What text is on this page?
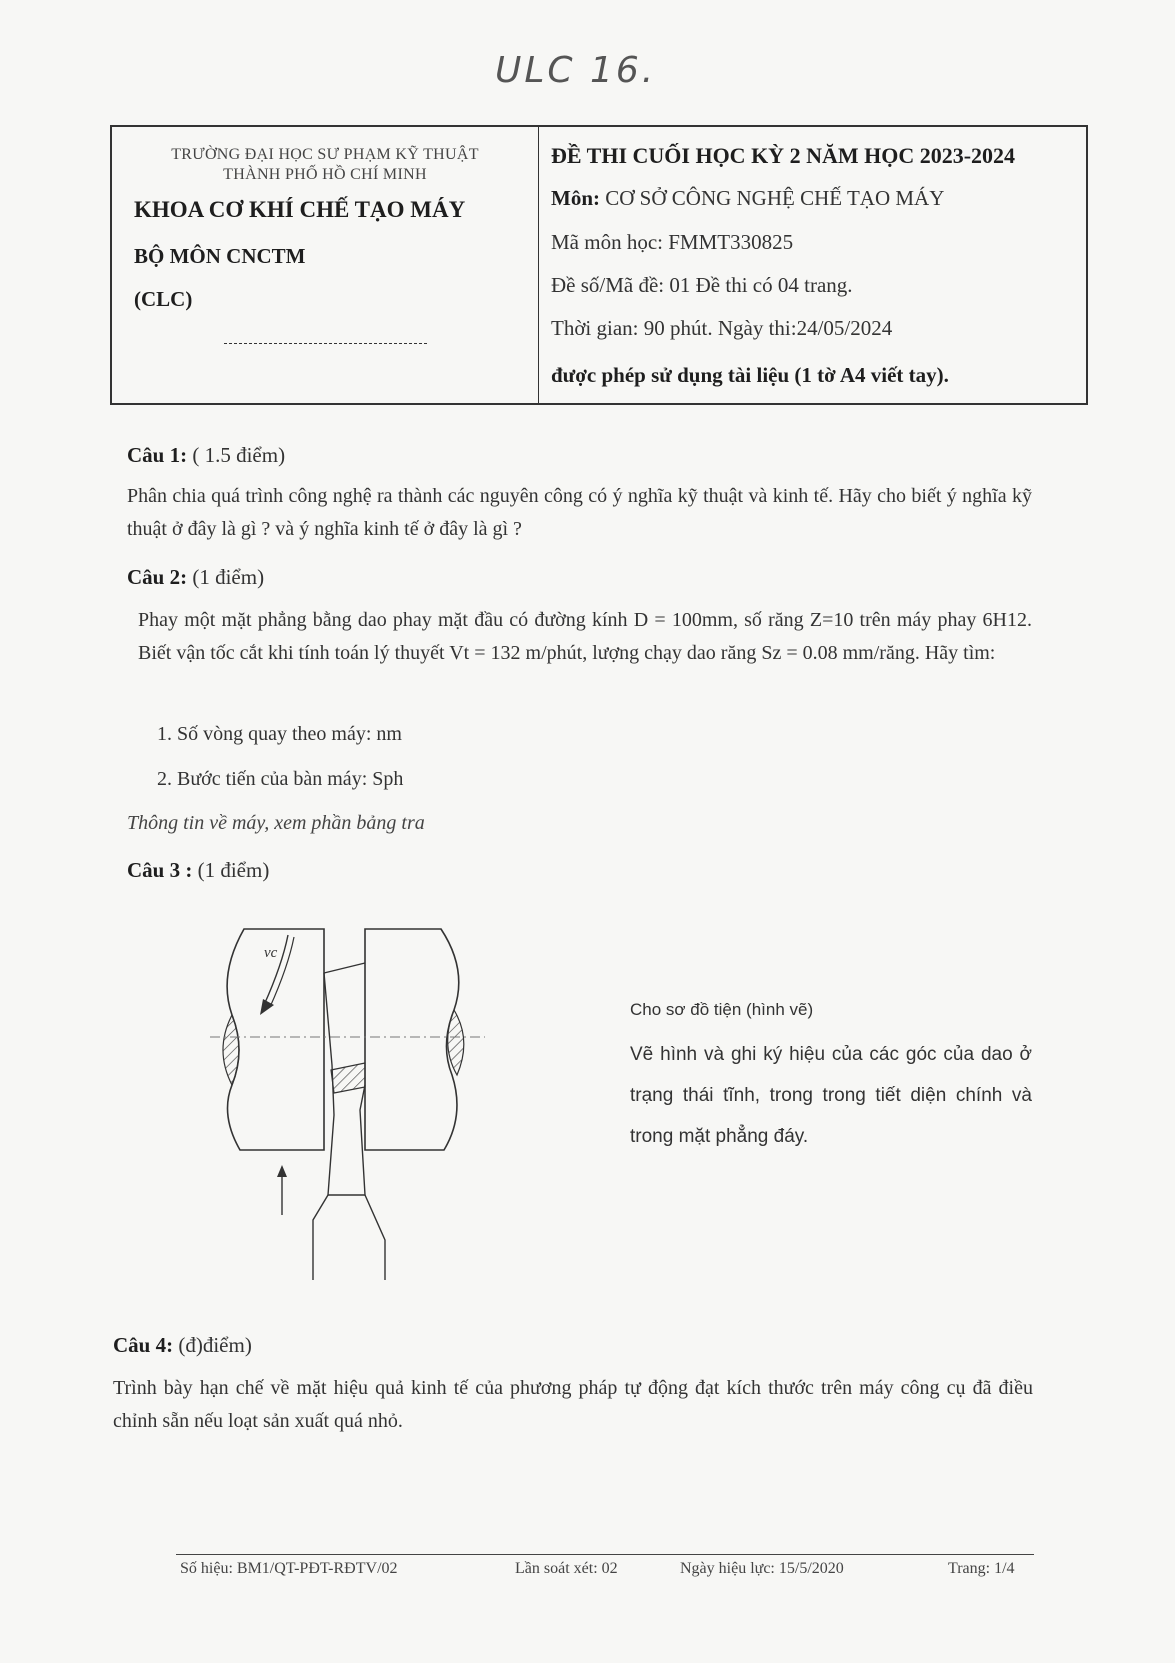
ULC 16.
TRƯỜNG ĐẠI HỌC SƯ PHẠM KỸ THUẬT
THÀNH PHỐ HỒ CHÍ MINH
KHOA CƠ KHÍ CHẾ TẠO MÁY
BỘ MÔN CNCTM
(CLC)
ĐỀ THI CUỐI HỌC KỲ 2 NĂM HỌC 2023-2024
Môn: CƠ SỞ CÔNG NGHỆ CHẾ TẠO MÁY
Mã môn học: FMMT330825
Đề số/Mã đề: 01 Đề thi có 04 trang.
Thời gian: 90 phút. Ngày thi:24/05/2024
được phép sử dụng tài liệu (1 tờ A4 viết tay).
Câu 1: ( 1.5 điểm)
Phân chia quá trình công nghệ ra thành các nguyên công có ý nghĩa kỹ thuật và kinh tế. Hãy cho biết ý nghĩa kỹ thuật ở đây là gì ? và ý nghĩa kinh tế ở đây là gì ?
Câu 2: (1 điểm)
Phay một mặt phẳng bằng dao phay mặt đầu có đường kính D = 100mm, số răng Z=10 trên máy phay 6H12. Biết vận tốc cắt khi tính toán lý thuyết Vt = 132 m/phút, lượng chạy dao răng Sz = 0.08 mm/răng. Hãy tìm:
1. Số vòng quay theo máy: nm
2. Bước tiến của bàn máy: Sph
Thông tin về máy, xem phần bảng tra
Câu 3 : (1 điểm)
vc
Cho sơ đồ tiện (hình vẽ)
Vẽ hình và ghi ký hiệu của các góc của dao ở trạng thái tĩnh, trong trong tiết diện chính và trong mặt phẳng đáy.
Câu 4: (đ)điểm)
Trình bày hạn chế về mặt hiệu quả kinh tế của phương pháp tự động đạt kích thước trên máy công cụ đã điều chỉnh sẵn nếu loạt sản xuất quá nhỏ.
Số hiệu: BM1/QT-PĐT-RĐTV/02	Lần soát xét: 02	Ngày hiệu lực: 15/5/2020	Trang: 1/4
